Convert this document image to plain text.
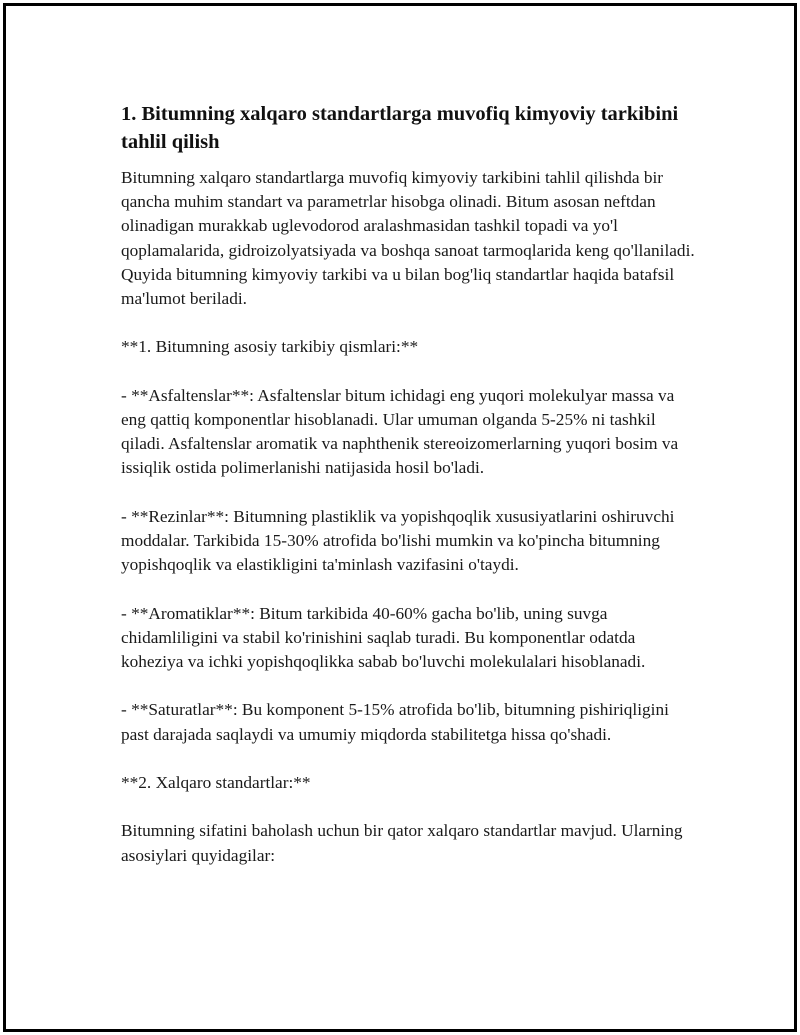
1. Bitumning xalqaro standartlarga muvofiq kimyoviy tarkibini tahlil qilish

Bitumning xalqaro standartlarga muvofiq kimyoviy tarkibini tahlil qilishda bir qancha muhim standart va parametrlar hisobga olinadi. Bitum asosan neftdan olinadigan murakkab uglevodorod aralashmasidan tashkil topadi va yo'l qoplamalarida, gidroizolyatsiyada va boshqa sanoat tarmoqlarida keng qo'llaniladi. Quyida bitumning kimyoviy tarkibi va u bilan bog'liq standartlar haqida batafsil ma'lumot beriladi.

**1. Bitumning asosiy tarkibiy qismlari:**

- **Asfaltenslar**: Asfaltenslar bitum ichidagi eng yuqori molekulyar massa va eng qattiq komponentlar hisoblanadi. Ular umuman olganda 5-25% ni tashkil qiladi. Asfaltenslar aromatik va naphthenik stereoizomerlarning yuqori bosim va issiqlik ostida polimerlanishi natijasida hosil bo'ladi.

- **Rezinlar**: Bitumning plastiklik va yopishqoqlik xususiyatlarini oshiruvchi moddalar. Tarkibida 15-30% atrofida bo'lishi mumkin va ko'pincha bitumning yopishqoqlik va elastikligini ta'minlash vazifasini o'taydi.

- **Aromatiklar**: Bitum tarkibida 40-60% gacha bo'lib, uning suvga chidamliligini va stabil ko'rinishini saqlab turadi. Bu komponentlar odatda koheziya va ichki yopishqoqlikka sabab bo'luvchi molekulalari hisoblanadi.

- **Saturatlar**: Bu komponent 5-15% atrofida bo'lib, bitumning pishiriqligini past darajada saqlaydi va umumiy miqdorda stabilitetga hissa qo'shadi.

**2. Xalqaro standartlar:**

Bitumning sifatini baholash uchun bir qator xalqaro standartlar mavjud. Ularning asosiylari quyidagilar:
